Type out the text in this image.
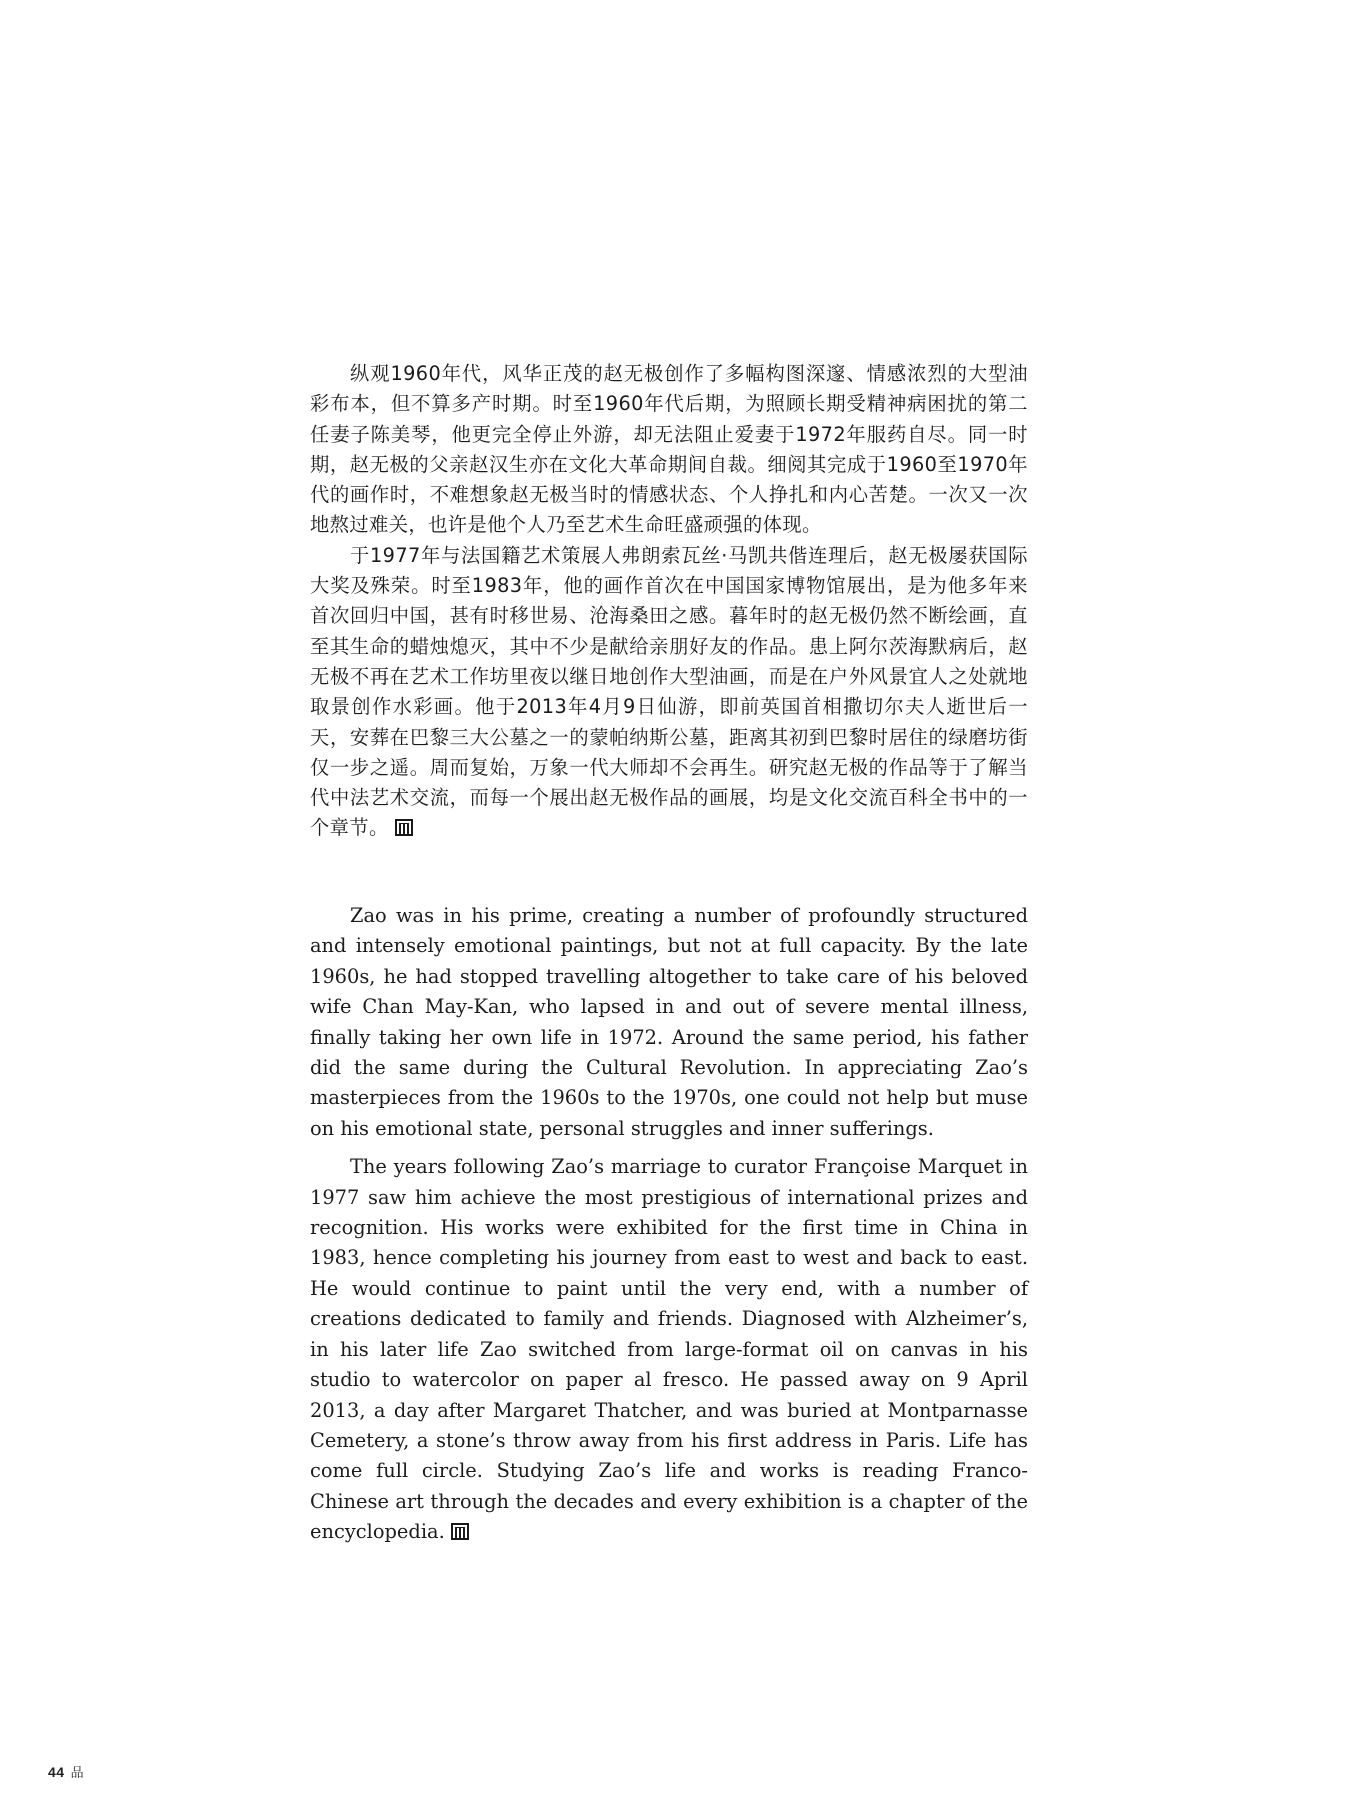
纵观1960年代，风华正茂的赵无极创作了多幅构图深邃、情感浓烈的大型油彩布本，但不算多产时期。时至1960年代后期，为照顾长期受精神病困扰的第二任妻子陈美琴，他更完全停止外游，却无法阻止爱妻于1972年服药自尽。同一时期，赵无极的父亲赵汉生亦在文化大革命期间自裁。细阅其完成于1960至1970年代的画作时，不难想象赵无极当时的情感状态、个人挣扎和内心苦楚。一次又一次地熬过难关，也许是他个人乃至艺术生命旺盛顽强的体现。

于1977年与法国籍艺术策展人弗朗索瓦丝·马凯共偕连理后，赵无极屡获国际大奖及殊荣。时至1983年，他的画作首次在中国国家博物馆展出，是为他多年来首次回归中国，甚有时移世易、沧海桑田之感。暮年时的赵无极仍然不断绘画，直至其生命的蜡烛熄灭，其中不少是献给亲朋好友的作品。患上阿尔茨海默病后，赵无极不再在艺术工作坊里夜以继日地创作大型油画，而是在户外风景宜人之处就地取景创作水彩画。他于2013年4月9日仙游，即前英国首相撒切尔夫人逝世后一天，安葬在巴黎三大公墓之一的蒙帕纳斯公墓，距离其初到巴黎时居住的绿磨坊街仅一步之遥。周而复始，万象一代大师却不会再生。研究赵无极的作品等于了解当代中法艺术交流，而每一个展出赵无极作品的画展，均是文化交流百科全书中的一个章节。

Zao was in his prime, creating a number of profoundly structured and intensely emotional paintings, but not at full capacity. By the late 1960s, he had stopped travelling altogether to take care of his beloved wife Chan May-Kan, who lapsed in and out of severe mental illness, finally taking her own life in 1972. Around the same period, his father did the same during the Cultural Revolution. In appreciating Zao’s masterpieces from the 1960s to the 1970s, one could not help but muse on his emotional state, personal struggles and inner sufferings.

The years following Zao’s marriage to curator Françoise Marquet in 1977 saw him achieve the most prestigious of international prizes and recognition. His works were exhibited for the first time in China in 1983, hence completing his journey from east to west and back to east. He would continue to paint until the very end, with a number of creations dedicated to family and friends. Diagnosed with Alzheimer’s, in his later life Zao switched from large-format oil on canvas in his studio to watercolor on paper al fresco. He passed away on 9 April 2013, a day after Margaret Thatcher, and was buried at Montparnasse Cemetery, a stone’s throw away from his first address in Paris. Life has come full circle. Studying Zao’s life and works is reading Franco-Chinese art through the decades and every exhibition is a chapter of the encyclopedia.

44 品
